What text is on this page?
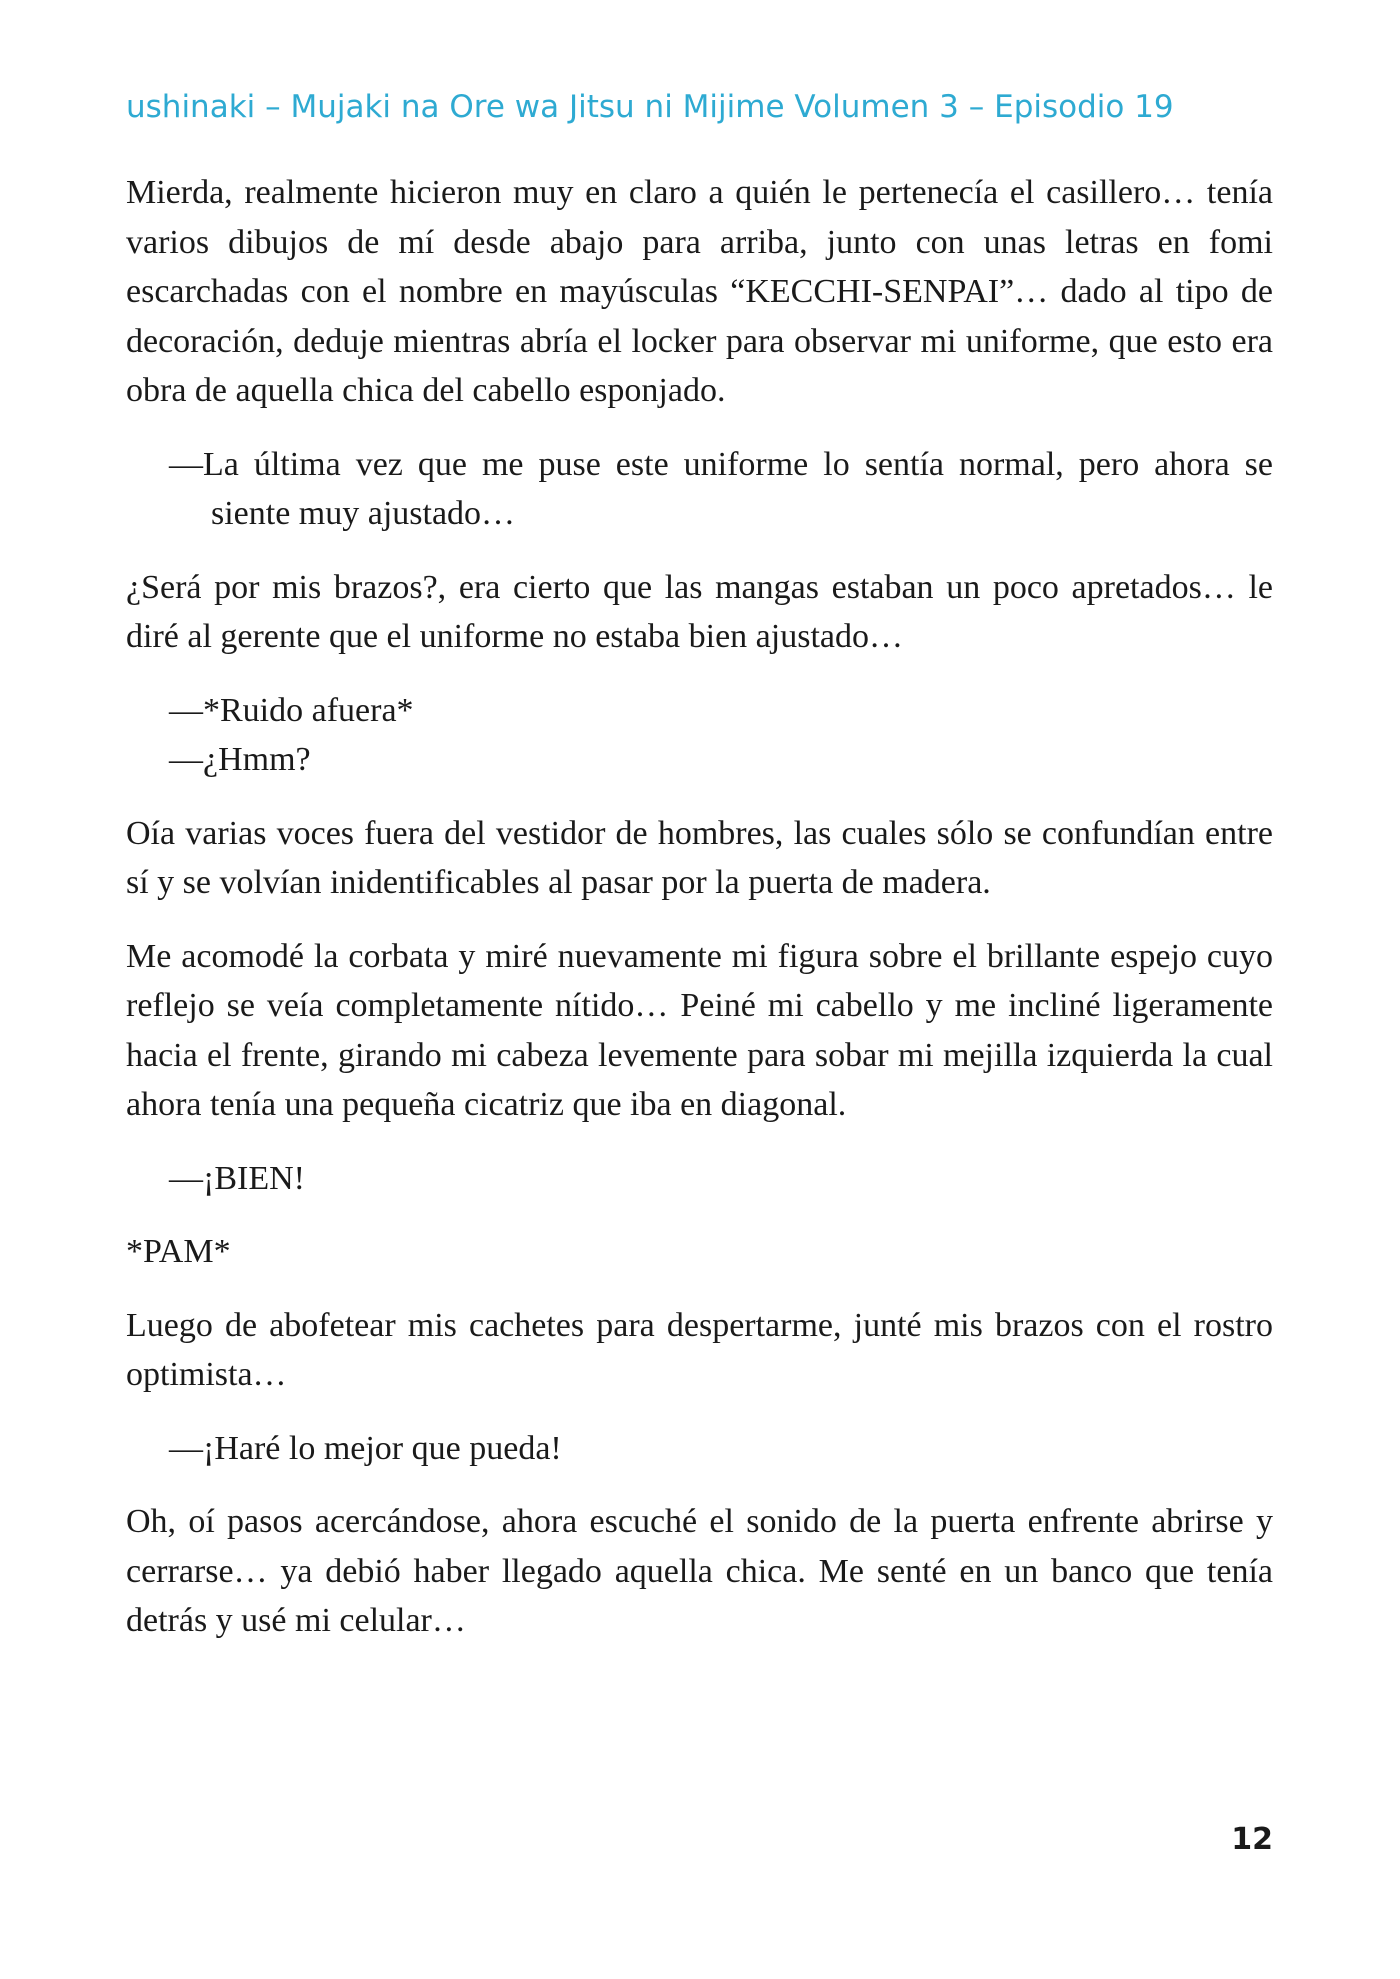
ushinaki – Mujaki na Ore wa Jitsu ni Mijime Volumen 3 – Episodio 19

Mierda, realmente hicieron muy en claro a quién le pertenecía el casillero… tenía varios dibujos de mí desde abajo para arriba, junto con unas letras en fomi escarchadas con el nombre en mayúsculas “KECCHI-SENPAI”… dado al tipo de decoración, deduje mientras abría el locker para observar mi uniforme, que esto era obra de aquella chica del cabello esponjado.

—La última vez que me puse este uniforme lo sentía normal, pero ahora se siente muy ajustado…

¿Será por mis brazos?, era cierto que las mangas estaban un poco apretados… le diré al gerente que el uniforme no estaba bien ajustado…

—*Ruido afuera*

—¿Hmm?

Oía varias voces fuera del vestidor de hombres, las cuales sólo se confundían entre sí y se volvían inidentificables al pasar por la puerta de madera.

Me acomodé la corbata y miré nuevamente mi figura sobre el brillante espejo cuyo reflejo se veía completamente nítido… Peiné mi cabello y me incliné ligeramente hacia el frente, girando mi cabeza levemente para sobar mi mejilla izquierda la cual ahora tenía una pequeña cicatriz que iba en diagonal.

—¡BIEN!

*PAM*

Luego de abofetear mis cachetes para despertarme, junté mis brazos con el rostro optimista…

—¡Haré lo mejor que pueda!

Oh, oí pasos acercándose, ahora escuché el sonido de la puerta enfrente abrirse y cerrarse… ya debió haber llegado aquella chica. Me senté en un banco que tenía detrás y usé mi celular…

12
